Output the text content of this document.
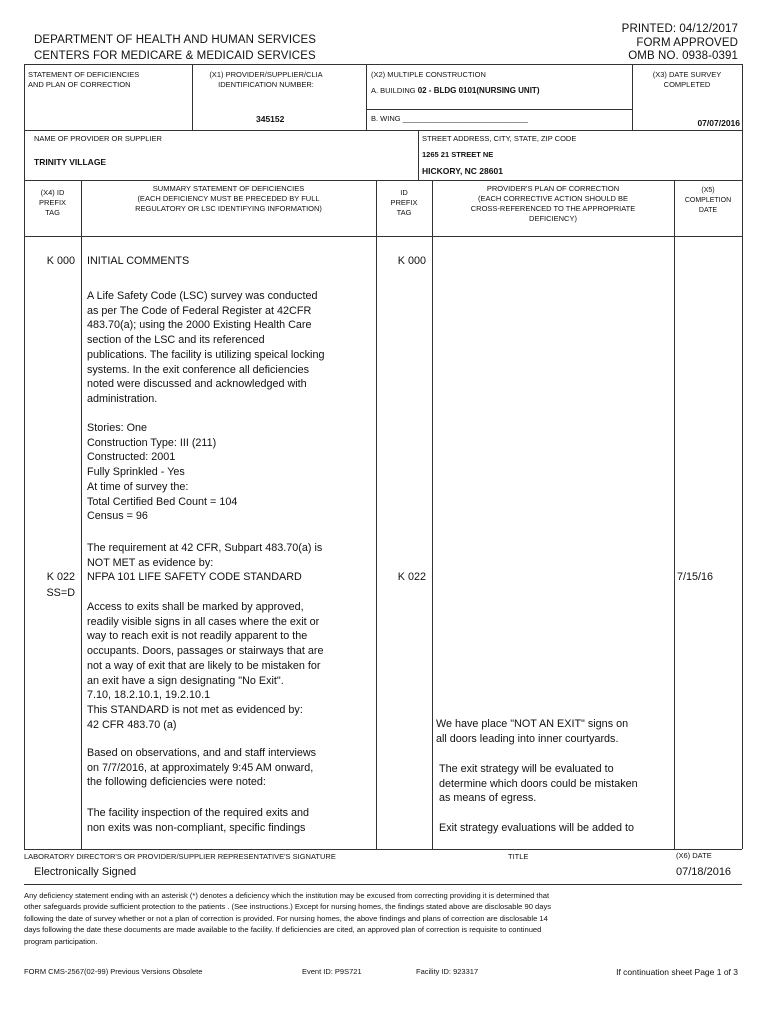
DEPARTMENT OF HEALTH AND HUMAN SERVICES
CENTERS FOR MEDICARE & MEDICAID SERVICES
PRINTED: 04/12/2017
FORM APPROVED
OMB NO. 0938-0391
STATEMENT OF DEFICIENCIES
AND PLAN OF CORRECTION
(X1) PROVIDER/SUPPLIER/CLIA
IDENTIFICATION NUMBER:
345152
(X2) MULTIPLE CONSTRUCTION
A. BUILDING 02 - BLDG 0101(NURSING UNIT)
B. WING ______________________________
(X3) DATE SURVEY
COMPLETED
07/07/2016
NAME OF PROVIDER OR SUPPLIER
TRINITY VILLAGE
STREET ADDRESS, CITY, STATE, ZIP CODE
1265 21 STREET NE
HICKORY, NC 28601
(X4) ID
PREFIX
TAG
SUMMARY STATEMENT OF DEFICIENCIES
(EACH DEFICIENCY MUST BE PRECEDED BY FULL
REGULATORY OR LSC IDENTIFYING INFORMATION)
ID
PREFIX
TAG
PROVIDER'S PLAN OF CORRECTION
(EACH CORRECTIVE ACTION SHOULD BE
CROSS-REFERENCED TO THE APPROPRIATE
DEFICIENCY)
(X5)
COMPLETION
DATE
K 000 INITIAL COMMENTS	K 000
A Life Safety Code (LSC) survey was conducted
as per The Code of Federal Register at 42CFR
483.70(a); using the 2000 Existing Health Care
section of the LSC and its referenced
publications. The facility is utilizing speical locking
systems. In the exit conference all deficiencies
noted were discussed and acknowledged with
administration.
Stories: One
Construction Type: III (211)
Constructed: 2001
Fully Sprinkled - Yes
At time of survey the:
Total Certified Bed Count = 104
Census = 96
The requirement at 42 CFR, Subpart 483.70(a) is
NOT MET as evidence by:
K 022
SS=D
NFPA 101 LIFE SAFETY CODE STANDARD	K 022	7/15/16
Access to exits shall be marked by approved,
readily visible signs in all cases where the exit or
way to reach exit is not readily apparent to the
occupants. Doors, passages or stairways that are
not a way of exit that are likely to be mistaken for
an exit have a sign designating "No Exit".
7.10, 18.2.10.1, 19.2.10.1
This STANDARD is not met as evidenced by:
42 CFR 483.70 (a)
Based on observations, and and staff interviews
on 7/7/2016, at approximately 9:45 AM onward,
the following deficiencies were noted:
The facility inspection of the required exits and
non exits was non-compliant, specific findings
We have place "NOT AN EXIT" signs on
all doors leading into inner courtyards.
The exit strategy will be evaluated to
determine which doors could be mistaken
as means of egress.
Exit strategy evaluations will be added to
LABORATORY DIRECTOR'S OR PROVIDER/SUPPLIER REPRESENTATIVE'S SIGNATURE	TITLE	(X6) DATE
Electronically Signed	07/18/2016
Any deficiency statement ending with an asterisk (*) denotes a deficiency which the institution may be excused from correcting providing it is determined that
other safeguards provide sufficient protection to the patients . (See instructions.) Except for nursing homes, the findings stated above are disclosable 90 days
following the date of survey whether or not a plan of correction is provided. For nursing homes, the above findings and plans of correction are disclosable 14
days following the date these documents are made available to the facility. If deficiencies are cited, an approved plan of correction is requisite to continued
program participation.
FORM CMS-2567(02-99) Previous Versions Obsolete	Event ID: P9S721	Facility ID: 923317	If continuation sheet Page 1 of 3
